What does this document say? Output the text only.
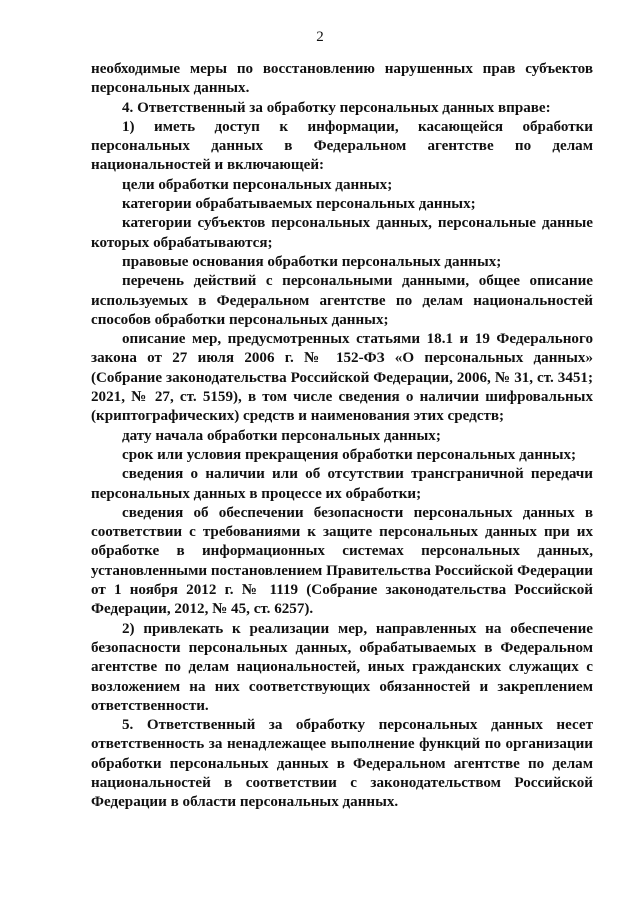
2

необходимые меры по восстановлению нарушенных прав субъектов персональных данных.

4. Ответственный за обработку персональных данных вправе:

1) иметь доступ к информации, касающейся обработки персональных данных в Федеральном агентстве по делам национальностей и включающей:

цели обработки персональных данных;

категории обрабатываемых персональных данных;

категории субъектов персональных данных, персональные данные которых обрабатываются;

правовые основания обработки персональных данных;

перечень действий с персональными данными, общее описание используемых в Федеральном агентстве по делам национальностей способов обработки персональных данных;

описание мер, предусмотренных статьями 18.1 и 19 Федерального закона от 27 июля 2006 г. № 152-ФЗ «О персональных данных» (Собрание законодательства Российской Федерации, 2006, № 31, ст. 3451; 2021, № 27, ст. 5159), в том числе сведения о наличии шифровальных (криптографических) средств и наименования этих средств;

дату начала обработки персональных данных;

срок или условия прекращения обработки персональных данных;

сведения о наличии или об отсутствии трансграничной передачи персональных данных в процессе их обработки;

сведения об обеспечении безопасности персональных данных в соответствии с требованиями к защите персональных данных при их обработке в информационных системах персональных данных, установленными постановлением Правительства Российской Федерации от 1 ноября 2012 г. № 1119 (Собрание законодательства Российской Федерации, 2012, № 45, ст. 6257).

2) привлекать к реализации мер, направленных на обеспечение безопасности персональных данных, обрабатываемых в Федеральном агентстве по делам национальностей, иных гражданских служащих с возложением на них соответствующих обязанностей и закреплением ответственности.

5. Ответственный за обработку персональных данных несет ответственность за ненадлежащее выполнение функций по организации обработки персональных данных в Федеральном агентстве по делам национальностей в соответствии с законодательством Российской Федерации в области персональных данных.
